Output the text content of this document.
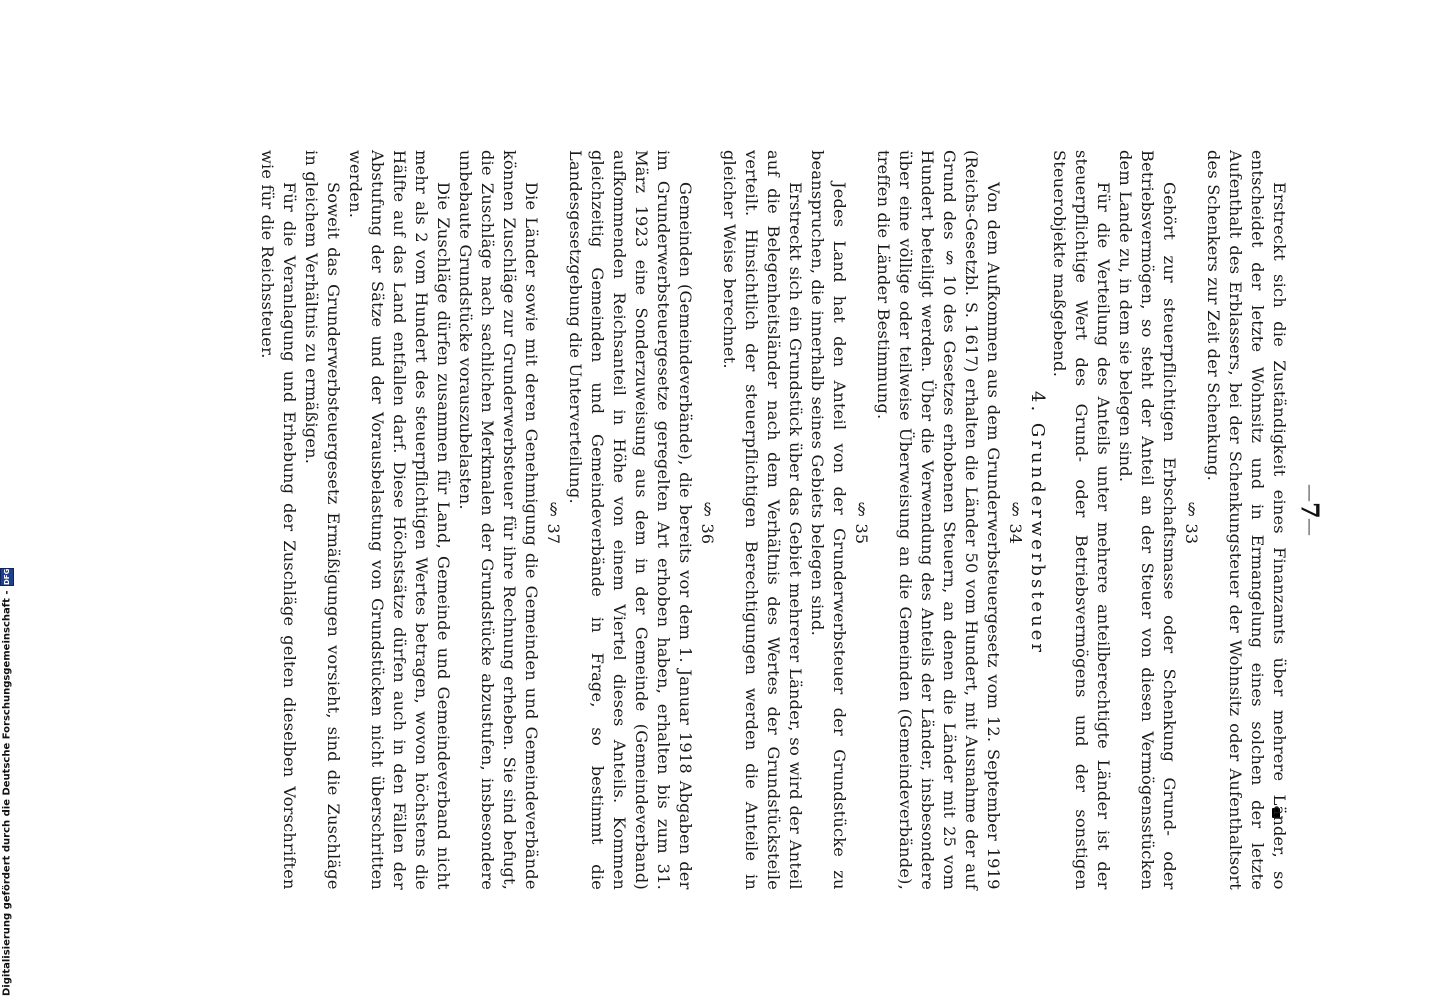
—
7
—

Erstreckt sich die Zuständigkeit eines Finanzamts über mehrere Länder, so entscheidet der letzte Wohnsitz und in Ermangelung eines solchen der letzte Aufenthalt des Erblassers, bei der Schenkungsteuer der Wohnsitz oder Aufenthaltsort des Schenkers zur Zeit der Schenkung.

§ 33

Gehört zur steuerpflichtigen Erbschaftsmasse oder Schenkung Grund- oder Betriebsvermögen, so steht der Anteil an der Steuer von diesen Vermögensstücken dem Lande zu, in dem sie belegen sind.

Für die Verteilung des Anteils unter mehrere anteilberechtigte Länder ist der steuerpflichtige Wert des Grund- oder Betriebsvermögens und der sonstigen Steuerobjekte maßgebend.

4. Grunderwerbsteuer
§ 34

Von dem Aufkommen aus dem Grunderwerbsteuergesetz vom 12. September 1919 (Reichs-Gesetzbl. S. 1617) erhalten die Länder 50 vom Hundert, mit Ausnahme der auf Grund des § 10 des Gesetzes erhobenen Steuern, an denen die Länder mit 25 vom Hundert beteiligt werden. Über die Verwendung des Anteils der Länder, insbesondere über eine völlige oder teilweise Überweisung an die Gemeinden (Gemeindeverbände), treffen die Länder Bestimmung.

§ 35

Jedes Land hat den Anteil von der Grunderwerbsteuer der Grundstücke zu beanspruchen, die innerhalb seines Gebiets belegen sind.

Erstreckt sich ein Grundstück über das Gebiet mehrerer Länder, so wird der Anteil auf die Belegenheitsländer nach dem Verhältnis des Wertes der Grundstücksteile verteilt. Hinsichtlich der steuerpflichtigen Berechtigungen werden die Anteile in gleicher Weise berechnet.

§ 36

Gemeinden (Gemeindeverbände), die bereits vor dem 1. Januar 1918 Abgaben der im Grunderwerbsteuergesetze geregelten Art erhoben haben, erhalten bis zum 31. März 1923 eine Sonderzuweisung aus dem in der Gemeinde (Gemeindeverband) aufkommenden Reichsanteil in Höhe von einem Viertel dieses Anteils. Kommen gleichzeitig Gemeinden und Gemeindeverbände in Frage, so bestimmt die Landesgesetzgebung die Unterverteilung.

§ 37

Die Länder sowie mit deren Genehmigung die Gemeinden und Gemeindeverbände können Zuschläge zur Grunderwerbsteuer für ihre Rechnung erheben. Sie sind befugt, die Zuschläge nach sachlichen Merkmalen der Grundstücke abzustufen, insbesondere unbebaute Grundstücke vorauszubelasten.

Die Zuschläge dürfen zusammen für Land, Gemeinde und Gemeindeverband nicht mehr als 2 vom Hundert des steuerpflichtigen Wertes betragen, wovon höchstens die Hälfte auf das Land entfallen darf. Diese Höchstsätze dürfen auch in den Fällen der Abstufung der Sätze und der Vorausbelastung von Grundstücken nicht überschritten werden.

Soweit das Grunderwerbsteuergesetz Ermäßigungen vorsieht, sind die Zuschläge in gleichem Verhältnis zu ermäßigen.

Für die Veranlagung und Erhebung der Zuschläge gelten dieselben Vorschriften wie für die Reichssteuer.

Digitalisierung gefördert durch die Deutsche Forschungsgemeinschaft -
DFG
